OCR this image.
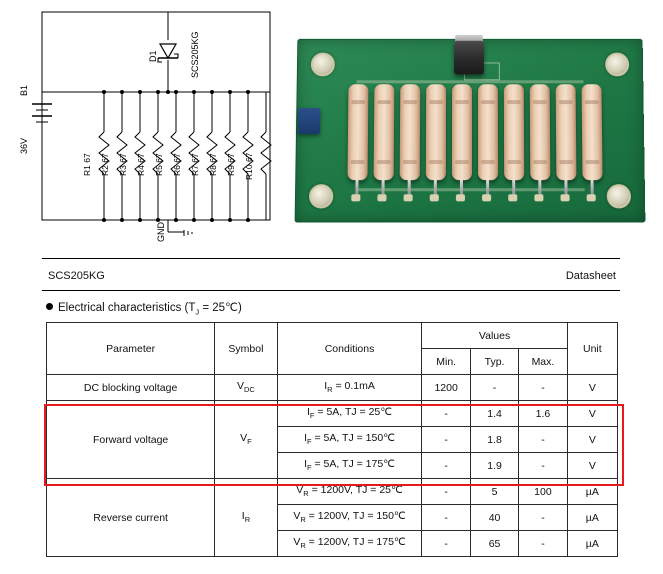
B1
36V
D1	SCS205KG
R1 67 R2 67 R3 67 R4 67 R5 67 R6 67 R7 67 R8 67 R9 67 R10 67
GND
SCS205KG	Datasheet
Electrical characteristics ($T_J$ = 25℃)
Parameter	Symbol	Conditions	Values			Unit
			Min.	Typ.	Max.	
DC blocking voltage	$V_{DC}$	$I_R = 0.1mA$	1200	-	-	V
Forward voltage	$V_F$	$I_F = 5A$, TJ = 25℃	-	1.4	1.6	V
		$I_F = 5A$, TJ = 150℃	-	1.8	-	V
		$I_F = 5A$, TJ = 175℃	-	1.9	-	V
Reverse current	$I_R$	$V_R = 1200V$, TJ = 25℃	-	5	100	µA
		$V_R = 1200V$, TJ = 150℃	-	40	-	µA
		$V_R = 1200V$, TJ = 175℃	-	65	-	µA
